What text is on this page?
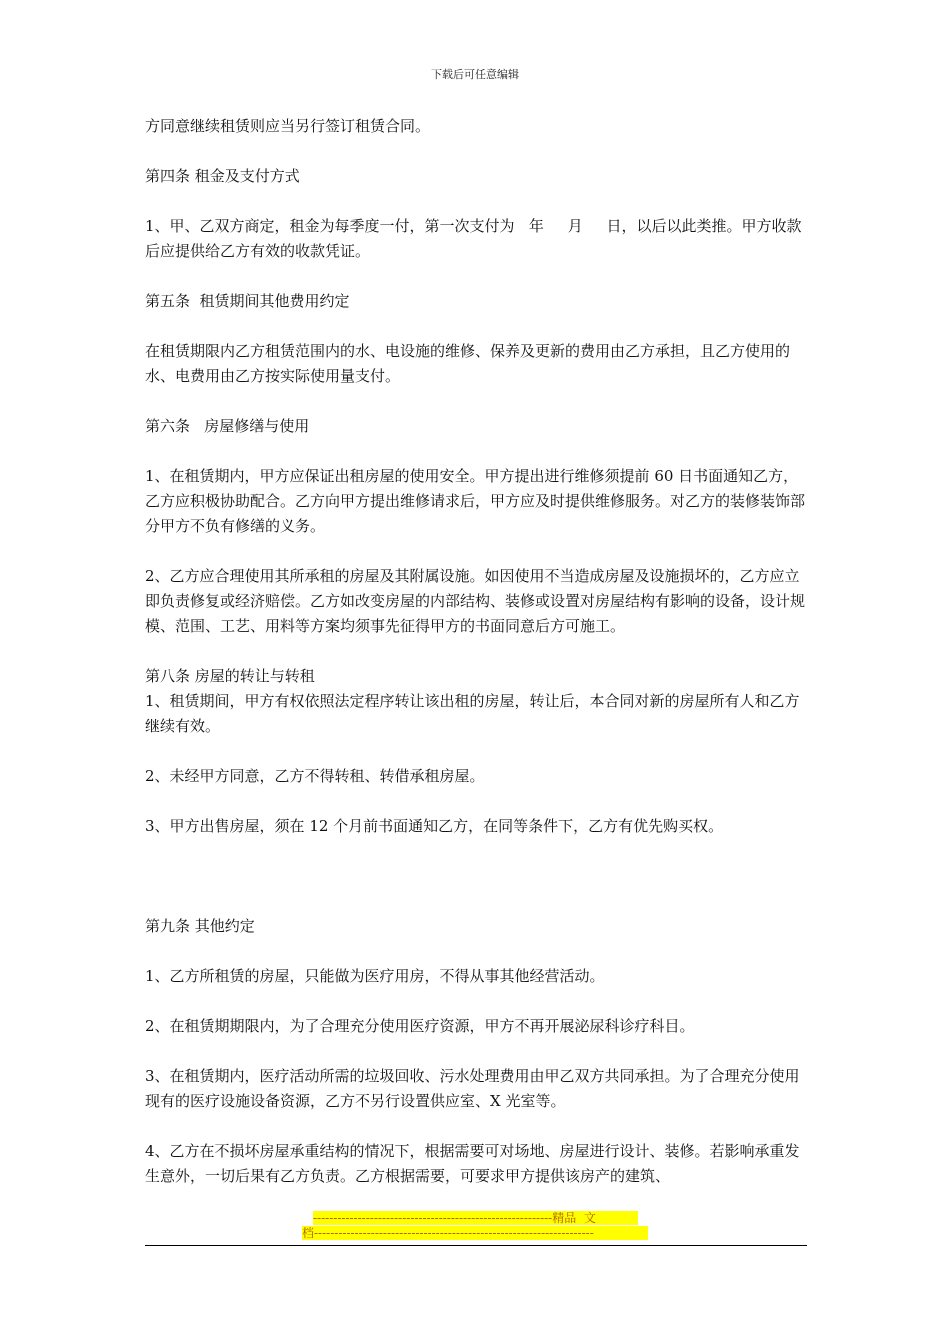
下载后可任意编辑

方同意继续租赁则应当另行签订租赁合同。

第四条 租金及支付方式

1、甲、乙双方商定，租金为每季度一付，第一次支付为   年     月     日，以后以此类推。甲方收款后应提供给乙方有效的收款凭证。

第五条  租赁期间其他费用约定

在租赁期限内乙方租赁范围内的水、电设施的维修、保养及更新的费用由乙方承担，且乙方使用的水、电费用由乙方按实际使用量支付。

第六条   房屋修缮与使用

1、在租赁期内，甲方应保证出租房屋的使用安全。甲方提出进行维修须提前 60 日书面通知乙方，乙方应积极协助配合。乙方向甲方提出维修请求后，甲方应及时提供维修服务。对乙方的装修装饰部分甲方不负有修缮的义务。

2、乙方应合理使用其所承租的房屋及其附属设施。如因使用不当造成房屋及设施损坏的，乙方应立即负责修复或经济赔偿。乙方如改变房屋的内部结构、装修或设置对房屋结构有影响的设备，设计规模、范围、工艺、用料等方案均须事先征得甲方的书面同意后方可施工。

第八条 房屋的转让与转租

1、租赁期间，甲方有权依照法定程序转让该出租的房屋，转让后，本合同对新的房屋所有人和乙方继续有效。

2、未经甲方同意，乙方不得转租、转借承租房屋。

3、甲方出售房屋，须在 12 个月前书面通知乙方，在同等条件下，乙方有优先购买权。

第九条 其他约定

1、乙方所租赁的房屋，只能做为医疗用房，不得从事其他经营活动。

2、在租赁期期限内，为了合理充分使用医疗资源，甲方不再开展泌尿科诊疗科目。

3、在租赁期内，医疗活动所需的垃圾回收、污水处理费用由甲乙双方共同承担。为了合理充分使用现有的医疗设施设备资源，乙方不另行设置供应室、X 光室等。

4、乙方在不损坏房屋承重结构的情况下，根据需要可对场地、房屋进行设计、装修。若影响承重发生意外，一切后果有乙方负责。乙方根据需要，可要求甲方提供该房产的建筑、

-----------------------------------------------------------精品  文
档---------------------------------------------------------------------
